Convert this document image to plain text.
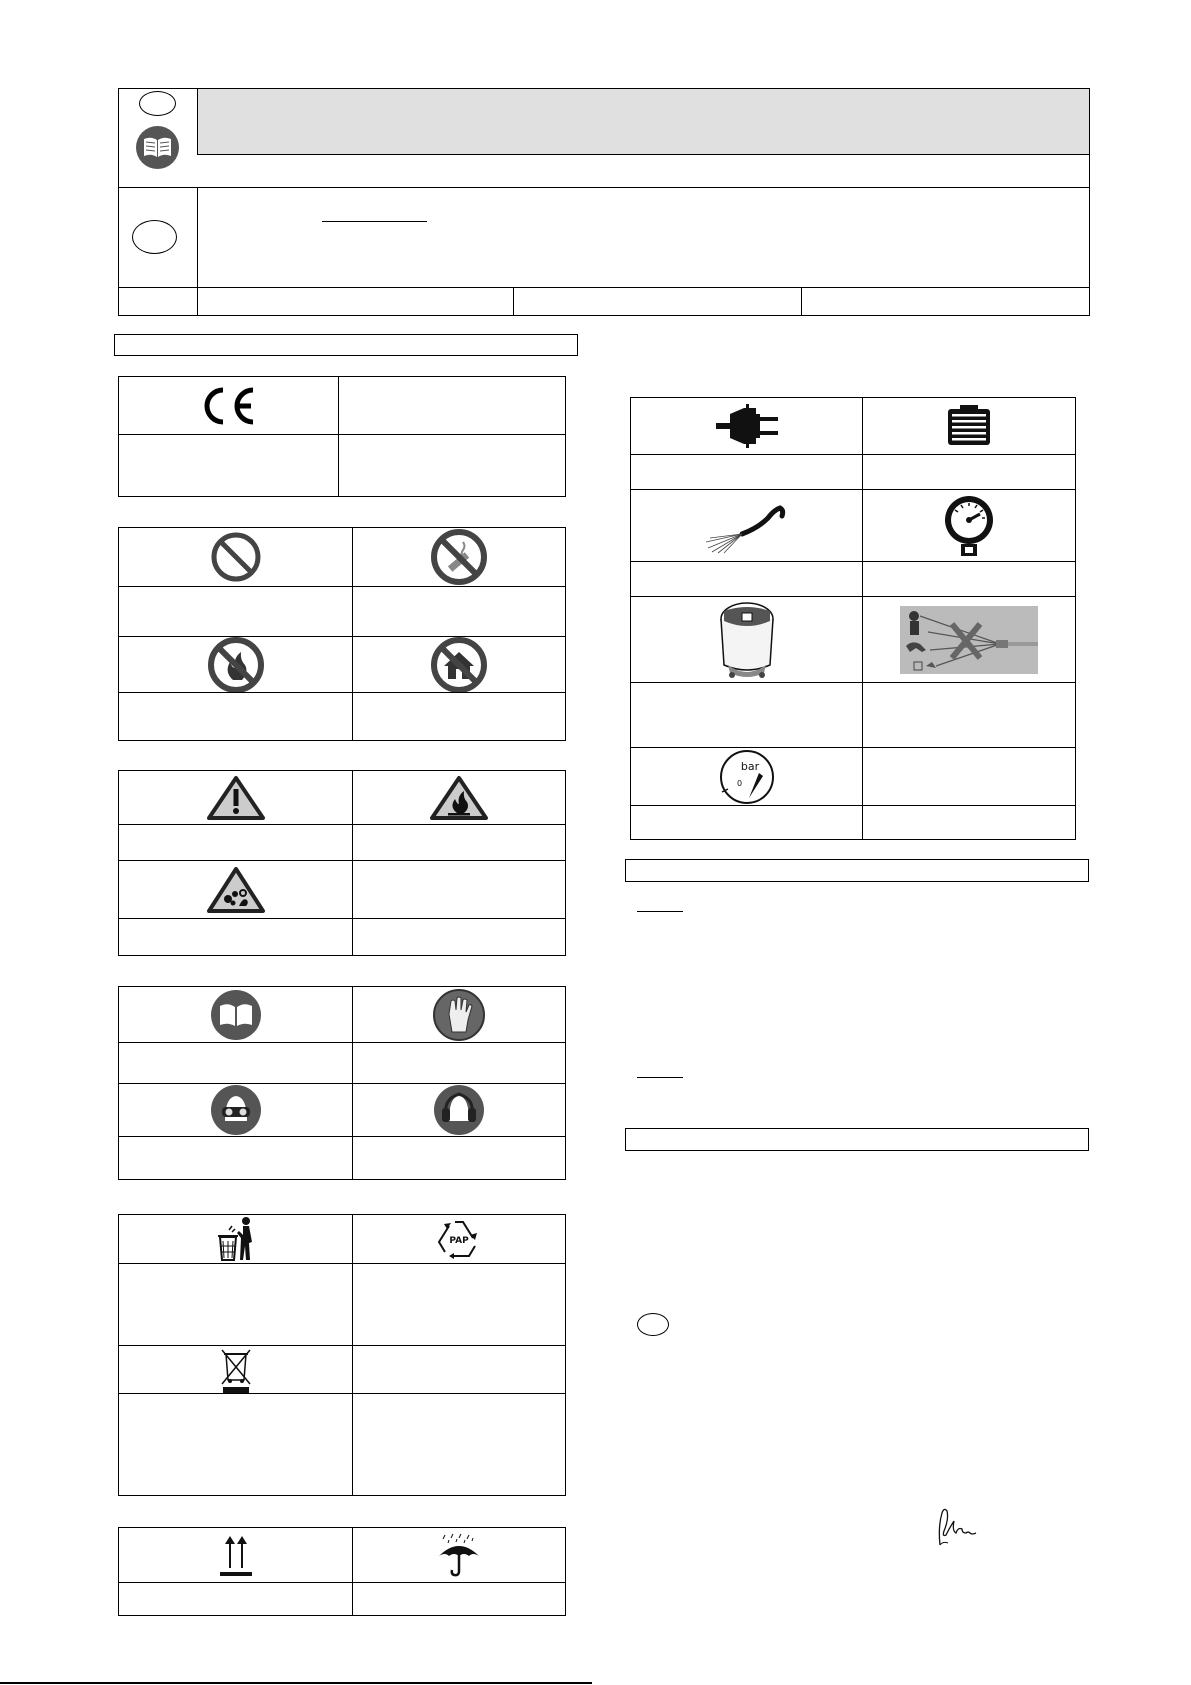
PAP
bar
0
